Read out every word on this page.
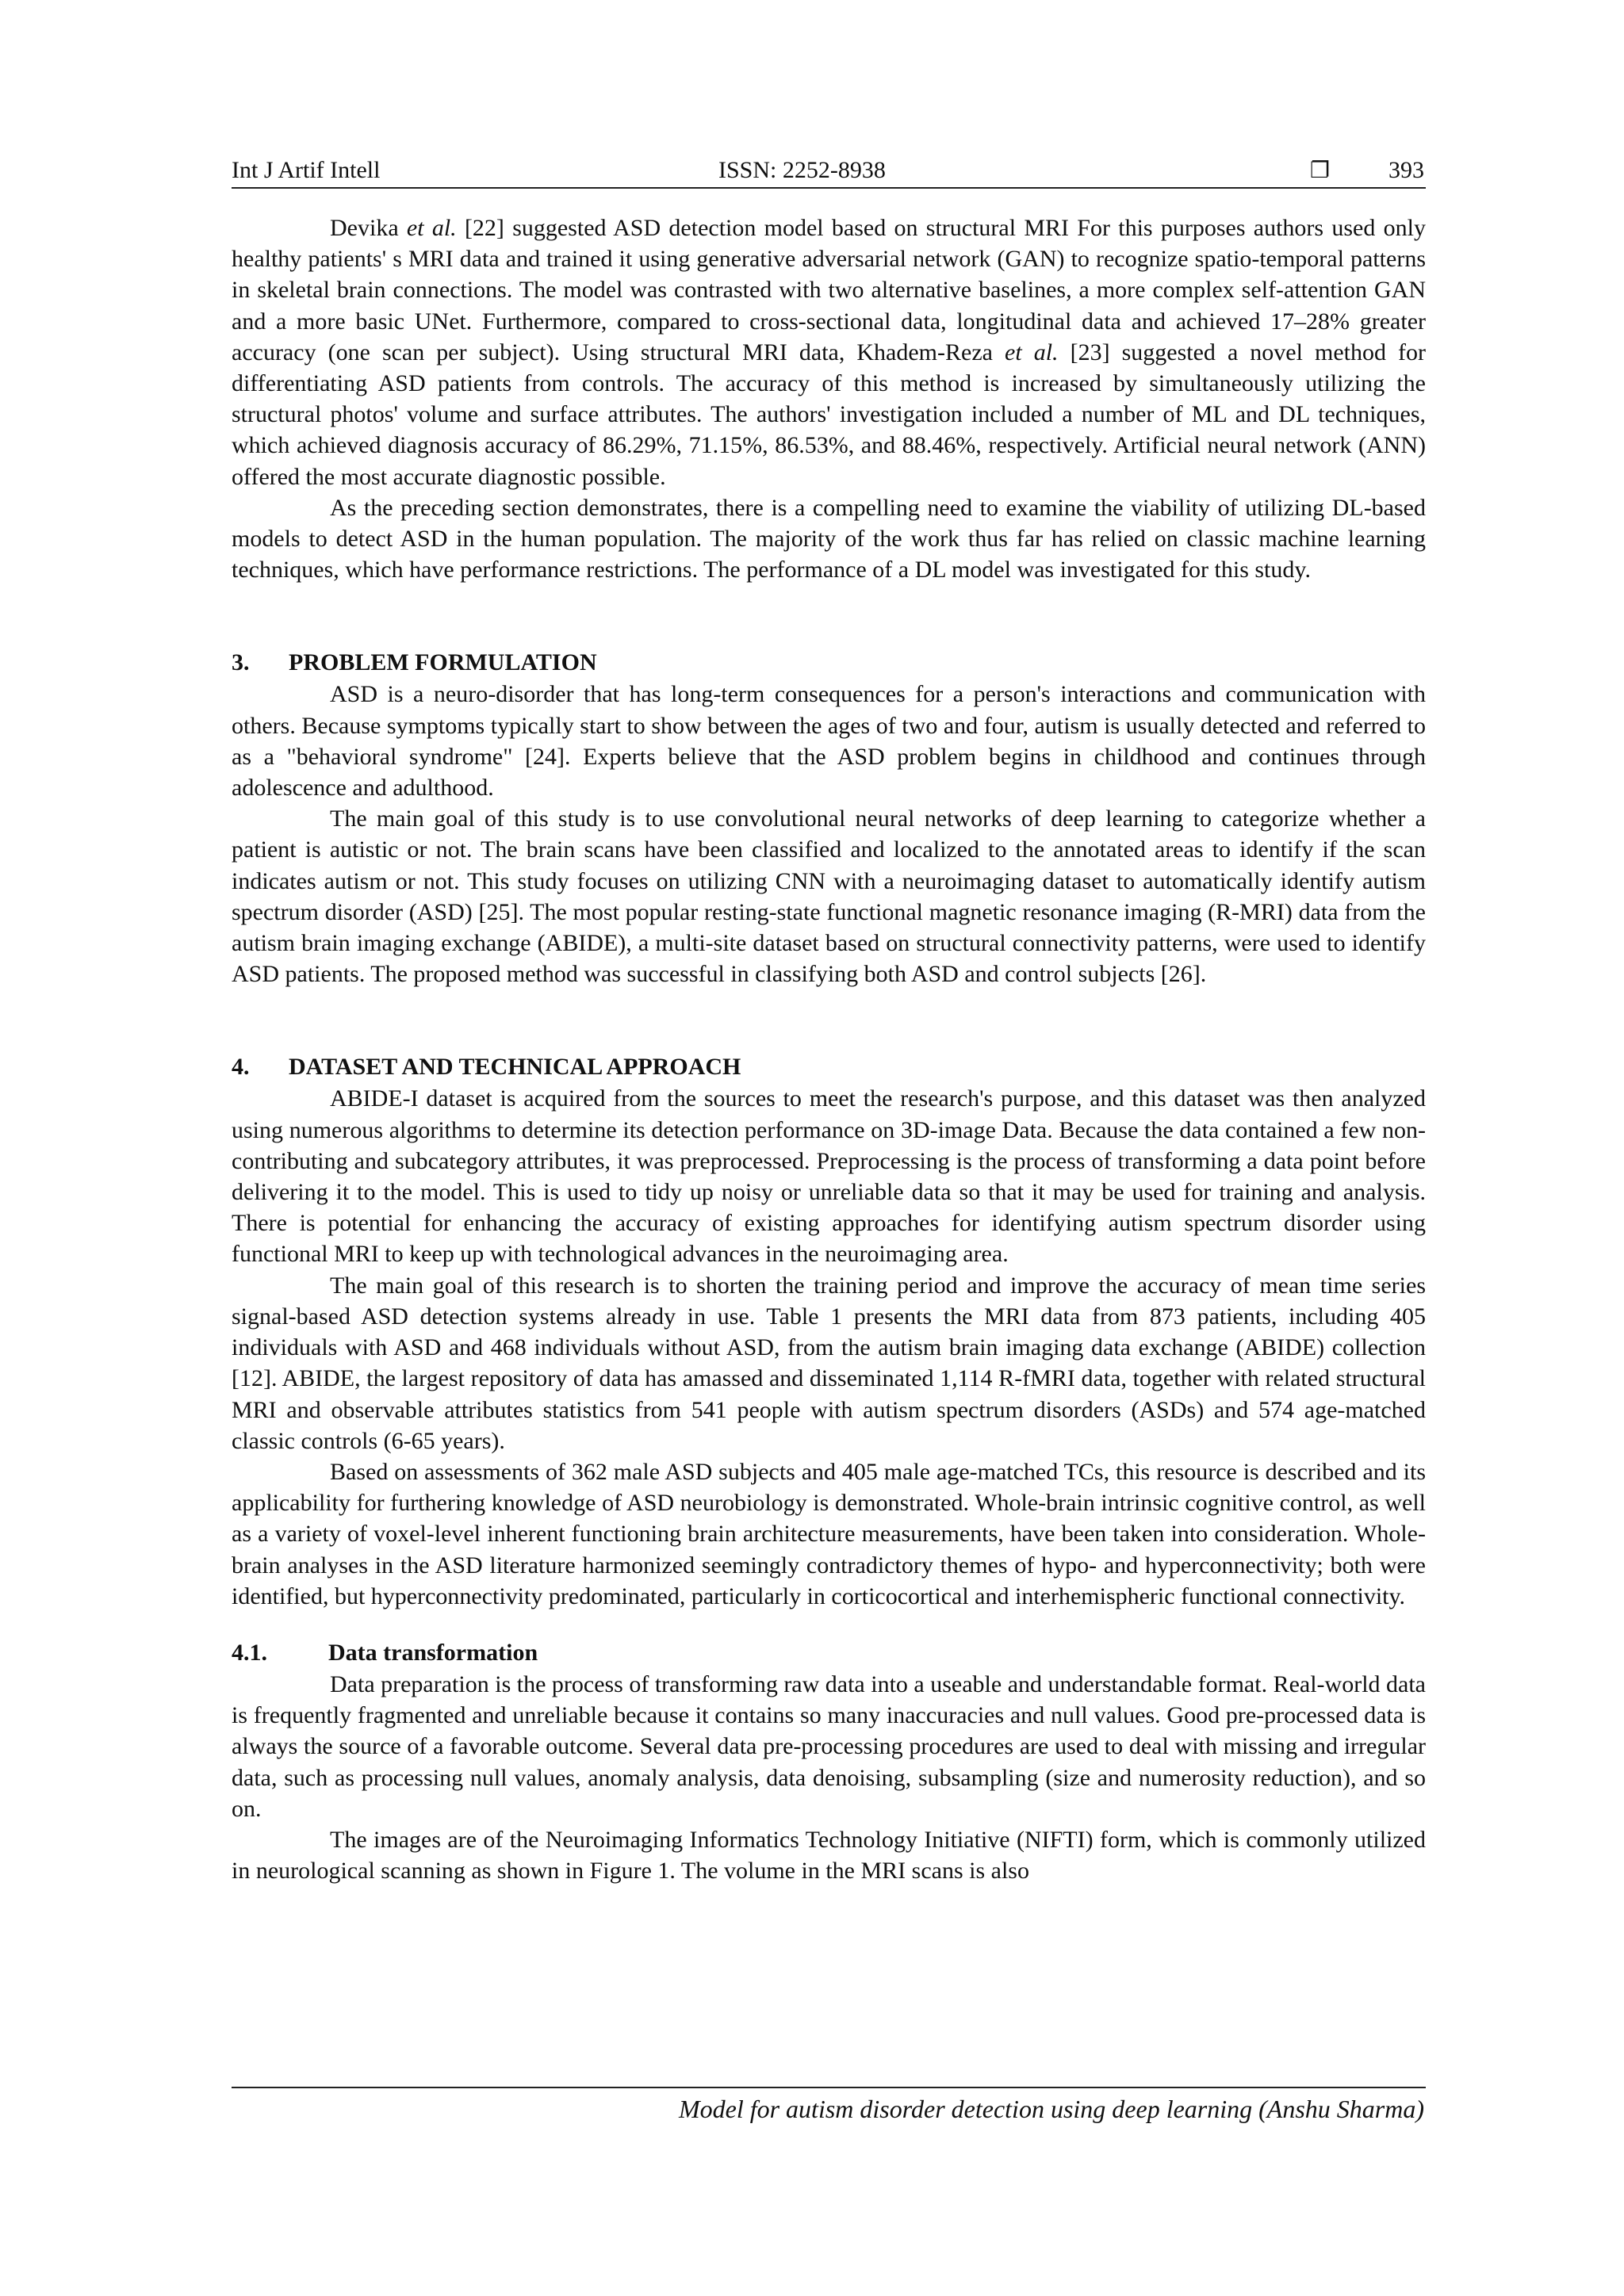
Int J Artif Intell	ISSN: 2252-8938	❐ 393

Devika et al. [22] suggested ASD detection model based on structural MRI For this purposes authors used only healthy patients' s MRI data and trained it using generative adversarial network (GAN) to recognize spatio-temporal patterns in skeletal brain connections. The model was contrasted with two alternative baselines, a more complex self-attention GAN and a more basic UNet. Furthermore, compared to cross-sectional data, longitudinal data and achieved 17–28% greater accuracy (one scan per subject). Using structural MRI data, Khadem-Reza et al. [23] suggested a novel method for differentiating ASD patients from controls. The accuracy of this method is increased by simultaneously utilizing the structural photos' volume and surface attributes. The authors' investigation included a number of ML and DL techniques, which achieved diagnosis accuracy of 86.29%, 71.15%, 86.53%, and 88.46%, respectively. Artificial neural network (ANN) offered the most accurate diagnostic possible.

As the preceding section demonstrates, there is a compelling need to examine the viability of utilizing DL-based models to detect ASD in the human population. The majority of the work thus far has relied on classic machine learning techniques, which have performance restrictions. The performance of a DL model was investigated for this study.

3.	PROBLEM FORMULATION

ASD is a neuro-disorder that has long-term consequences for a person's interactions and communication with others. Because symptoms typically start to show between the ages of two and four, autism is usually detected and referred to as a "behavioral syndrome" [24]. Experts believe that the ASD problem begins in childhood and continues through adolescence and adulthood.

The main goal of this study is to use convolutional neural networks of deep learning to categorize whether a patient is autistic or not. The brain scans have been classified and localized to the annotated areas to identify if the scan indicates autism or not. This study focuses on utilizing CNN with a neuroimaging dataset to automatically identify autism spectrum disorder (ASD) [25]. The most popular resting-state functional magnetic resonance imaging (R-MRI) data from the autism brain imaging exchange (ABIDE), a multi-site dataset based on structural connectivity patterns, were used to identify ASD patients. The proposed method was successful in classifying both ASD and control subjects [26].

4.	DATASET AND TECHNICAL APPROACH

ABIDE-I dataset is acquired from the sources to meet the research's purpose, and this dataset was then analyzed using numerous algorithms to determine its detection performance on 3D-image Data. Because the data contained a few non-contributing and subcategory attributes, it was preprocessed. Preprocessing is the process of transforming a data point before delivering it to the model. This is used to tidy up noisy or unreliable data so that it may be used for training and analysis. There is potential for enhancing the accuracy of existing approaches for identifying autism spectrum disorder using functional MRI to keep up with technological advances in the neuroimaging area.

The main goal of this research is to shorten the training period and improve the accuracy of mean time series signal-based ASD detection systems already in use. Table 1 presents the MRI data from 873 patients, including 405 individuals with ASD and 468 individuals without ASD, from the autism brain imaging data exchange (ABIDE) collection [12]. ABIDE, the largest repository of data has amassed and disseminated 1,114 R-fMRI data, together with related structural MRI and observable attributes statistics from 541 people with autism spectrum disorders (ASDs) and 574 age-matched classic controls (6-65 years).

Based on assessments of 362 male ASD subjects and 405 male age-matched TCs, this resource is described and its applicability for furthering knowledge of ASD neurobiology is demonstrated. Whole-brain intrinsic cognitive control, as well as a variety of voxel-level inherent functioning brain architecture measurements, have been taken into consideration. Whole-brain analyses in the ASD literature harmonized seemingly contradictory themes of hypo- and hyperconnectivity; both were identified, but hyperconnectivity predominated, particularly in corticocortical and interhemispheric functional connectivity.

4.1.	Data transformation

Data preparation is the process of transforming raw data into a useable and understandable format. Real-world data is frequently fragmented and unreliable because it contains so many inaccuracies and null values. Good pre-processed data is always the source of a favorable outcome. Several data pre-processing procedures are used to deal with missing and irregular data, such as processing null values, anomaly analysis, data denoising, subsampling (size and numerosity reduction), and so on.

The images are of the Neuroimaging Informatics Technology Initiative (NIFTI) form, which is commonly utilized in neurological scanning as shown in Figure 1. The volume in the MRI scans is also

Model for autism disorder detection using deep learning (Anshu Sharma)
